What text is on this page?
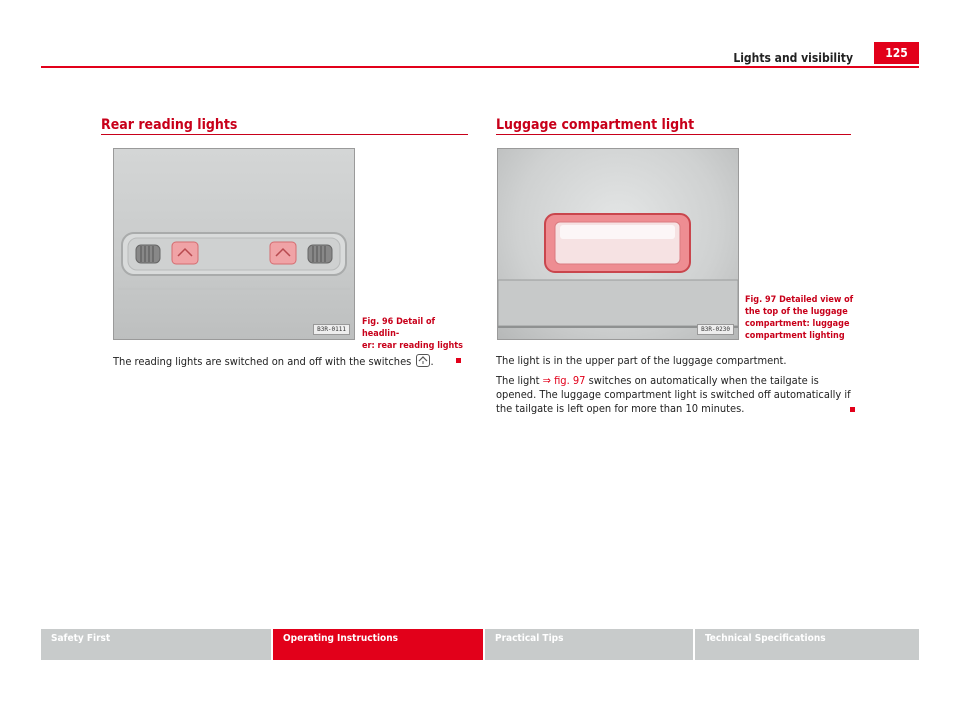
Lights and visibility	125
Rear reading lights
B3R-0111
Fig. 96 Detail of headlin-
er: rear reading lights
The reading lights are switched on and off with the switches
.
Luggage compartment light
B3R-0230
Fig. 97 Detailed view of
the top of the luggage
compartment: luggage
compartment lighting

The light is in the upper part of the luggage compartment.

The light ⇒ fig. 97 switches on automatically when the tailgate is opened. The luggage compartment light is switched off automatically if the tailgate is left open for more than 10 minutes.

Safety First	Operating Instructions	Practical Tips	Technical Specifications
